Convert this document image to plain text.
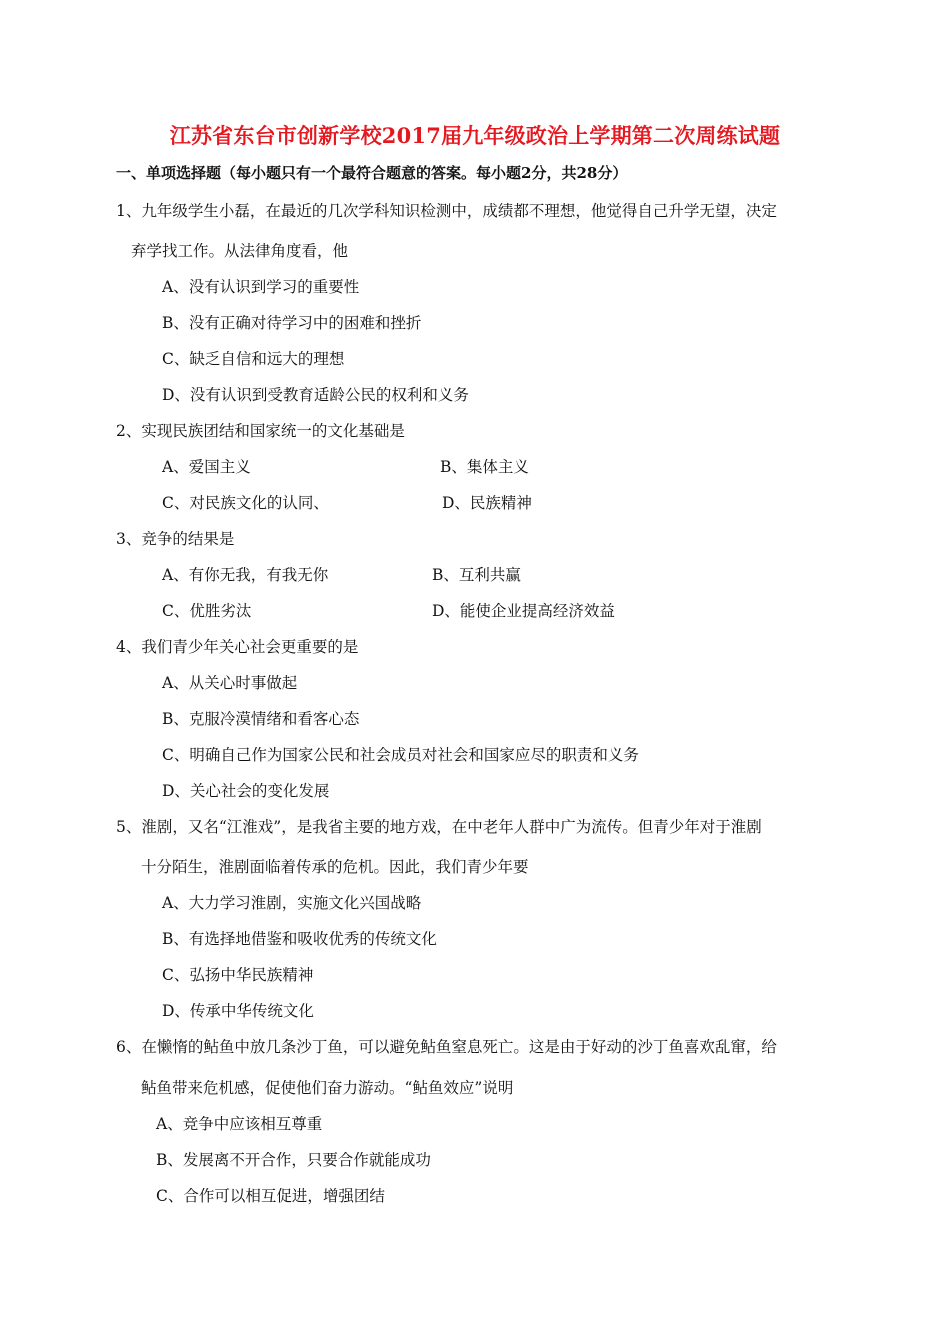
江苏省东台市创新学校2017届九年级政治上学期第二次周练试题
一、单项选择题（每小题只有一个最符合题意的答案。每小题2分，共28分）
1、九年级学生小磊，在最近的几次学科知识检测中，成绩都不理想，他觉得自己升学无望，决定
弃学找工作。从法律角度看，他
A、没有认识到学习的重要性
B、没有正确对待学习中的困难和挫折
C、缺乏自信和远大的理想
D、没有认识到受教育适龄公民的权利和义务
2、实现民族团结和国家统一的文化基础是
A、爱国主义	B、集体主义
C、对民族文化的认同、	D、民族精神
3、竞争的结果是
A、有你无我，有我无你	B、互利共赢
C、优胜劣汰	D、能使企业提高经济效益
4、我们青少年关心社会更重要的是
A、从关心时事做起
B、克服冷漠情绪和看客心态
C、明确自己作为国家公民和社会成员对社会和国家应尽的职责和义务
D、关心社会的变化发展
5、淮剧，又名“江淮戏”，是我省主要的地方戏，在中老年人群中广为流传。但青少年对于淮剧
十分陌生，淮剧面临着传承的危机。因此，我们青少年要
A、大力学习淮剧，实施文化兴国战略
B、有选择地借鉴和吸收优秀的传统文化
C、弘扬中华民族精神
D、传承中华传统文化
6、在懒惰的鲇鱼中放几条沙丁鱼，可以避免鲇鱼窒息死亡。这是由于好动的沙丁鱼喜欢乱窜，给
鲇鱼带来危机感，促使他们奋力游动。“鲇鱼效应”说明
A、竞争中应该相互尊重
B、发展离不开合作，只要合作就能成功
C、合作可以相互促进，增强团结
